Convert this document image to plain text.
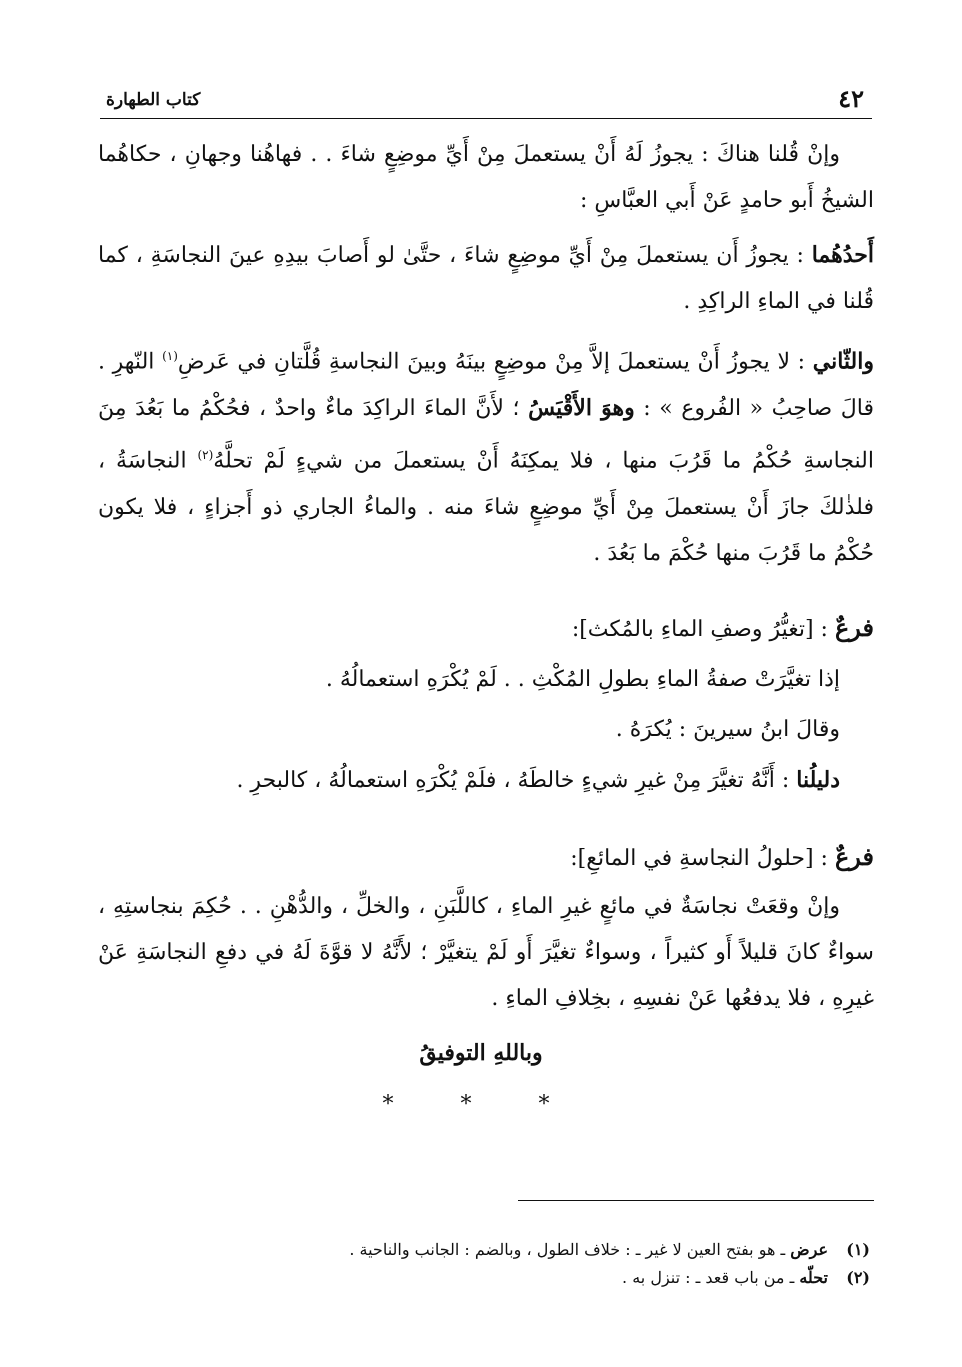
٤٢
كتاب الطهارة

وإنْ قُلنا هناكَ : يجوزُ لَهُ أَنْ يستعملَ مِنْ أَيِّ موضِعٍ شاءَ . . فهاهُنا وجهانِ ، حكاهُما الشيخُ أَبو حامدٍ عَنْ أَبي العبَّاسِ :

أَحدُهُما : يجوزُ أَن يستعملَ مِنْ أَيِّ موضِعٍ شاءَ ، حتَّىٰ لو أَصابَ بيدِهِ عينَ النجاسَةِ ، كما قُلنا في الماءِ الراكِدِ .

والثّاني : لا يجوزُ أَنْ يستعملَ إلاَّ مِنْ موضِعٍ بينَهُ وبينَ النجاسةِ قُلَّتانِ في عَرضِ$^{(١)}$ النّهرِ . قالَ صاحِبُ « الفُروع » : وهوَ الأَقْيَسُ ؛ لأَنَّ الماءَ الراكِدَ ماءٌ واحدٌ ، فحُكْمُ ما بَعُدَ مِنَ النجاسةِ حُكْمُ ما قَرُبَ منها ، فلا يمكِنَهُ أَنْ يستعملَ من شيءٍ لَمْ تحلَّهُ$^{(٢)}$ النجاسَةُ ، فلذٰلكَ جازَ أَنْ يستعملَ مِنْ أَيِّ موضِعٍ شاءَ منه . والماءُ الجاري ذو أَجزاءٍ ، فلا يكون حُكْمُ ما قَرُبَ منها حُكْمَ ما بَعُدَ .

فرعٌ : [تغيُّرُ وصفِ الماءِ بالمُكث]:

إذا تغيَّرَتْ صفةُ الماءِ بطولِ المُكْثِ . . لَمْ يُكْرَهِ استعمالُهُ .

وقالَ ابنُ سيرينَ : يُكرَهُ .

دليلُنا : أَنَّهُ تغيَّرَ مِنْ غيرِ شيءٍ خالطَهُ ، فلَمْ يُكْرَهِ استعمالُهُ ، كالبحرِ .

فرعٌ : [حلولُ النجاسةِ في المائعِ]:

وإنْ وقعَتْ نجاسَةٌ في مائعٍ غيرِ الماءِ ، كاللَّبَنِ ، والخلِّ ، والدُّهْنِ . . حُكِمَ بنجاستِهِ ، سواءٌ كانَ قليلاً أَو كثيراً ، وسواءٌ تغيَّرَ أَو لَمْ يتغيَّرْ ؛ لأَنَّهُ لا قوَّةَ لَهُ في دفعِ النجاسَةِ عَنْ غيرِهِ ، فلا يدفعُها عَنْ نفسِهِ ، بخِلافِ الماءِ .

وباللهِ التوفيقُ
* * *

(١)عرض ـ هو بفتح العين لا غير ـ : خلاف الطول ، وبالضم : الجانب والناحية .

(٢)تحلّه ـ من باب قعد ـ : تنزل به .
